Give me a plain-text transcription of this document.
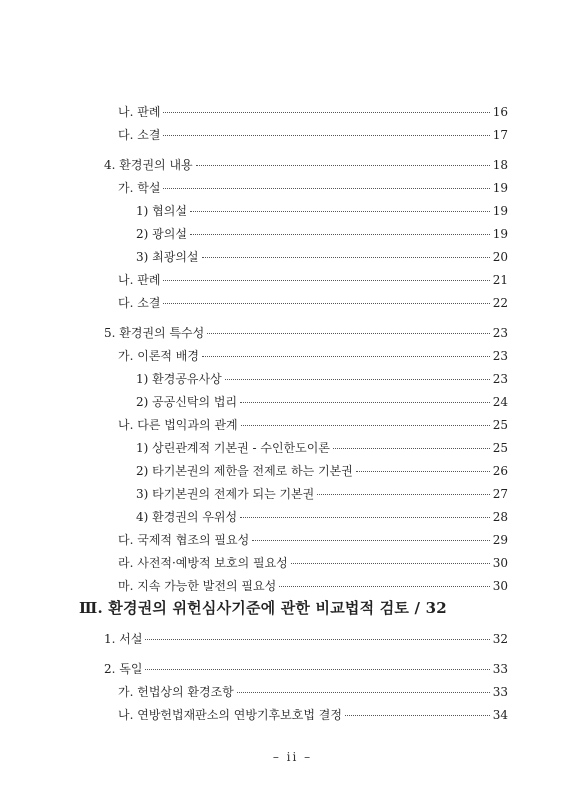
나. 판례	16
다. 소결	17
4. 환경권의 내용	18
가. 학설	19
1) 협의설	19
2) 광의설	19
3) 최광의설	20
나. 판례	21
다. 소결	22
5. 환경권의 특수성	23
가. 이론적 배경	23
1) 환경공유사상	23
2) 공공신탁의 법리	24
나. 다른 법익과의 관계	25
1) 상린관계적 기본권 - 수인한도이론	25
2) 타기본권의 제한을 전제로 하는 기본권	26
3) 타기본권의 전제가 되는 기본권	27
4) 환경권의 우위성	28
다. 국제적 협조의 필요성	29
라. 사전적·예방적 보호의 필요성	30
마. 지속 가능한 발전의 필요성	30
Ⅲ. 환경권의 위헌심사기준에 관한 비교법적 검토 / 32
1. 서설	32
2. 독일	33
가. 헌법상의 환경조항	33
나. 연방헌법재판소의 연방기후보호법 결정	34
– ii –
